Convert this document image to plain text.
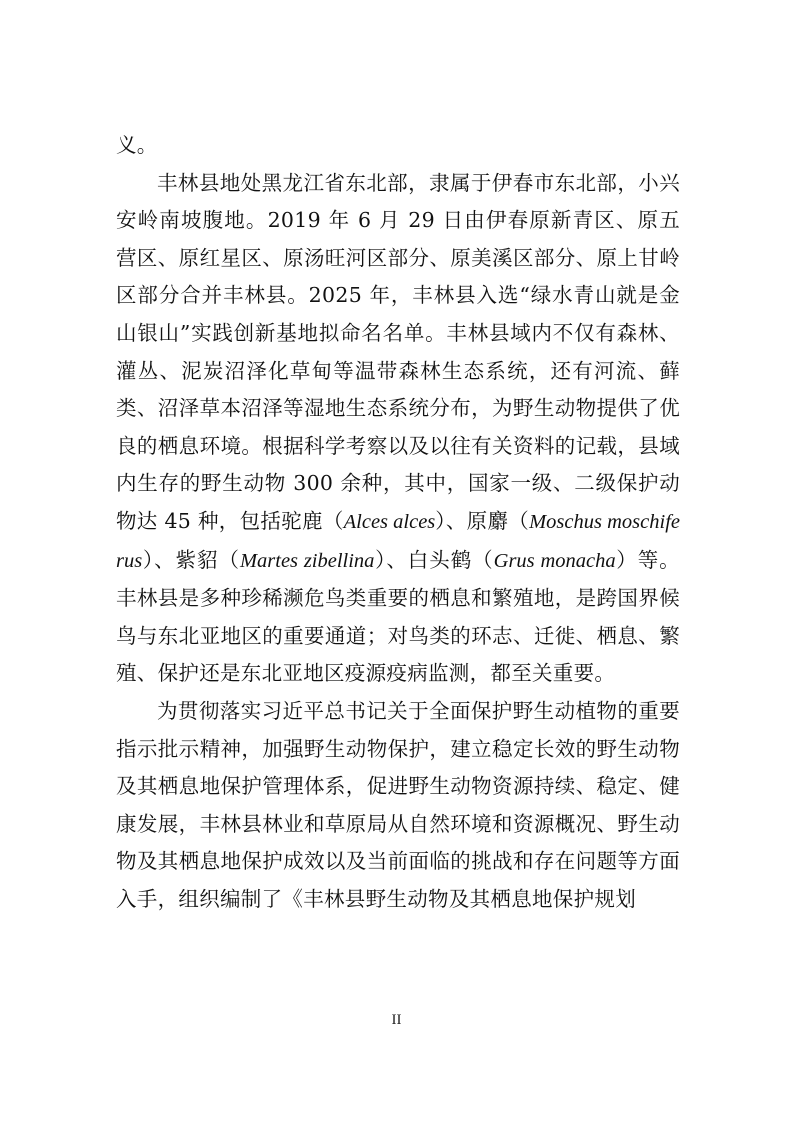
义。

丰林县地处黑龙江省东北部，隶属于伊春市东北部，小兴安岭南坡腹地。2019 年 6 月 29 日由伊春原新青区、原五营区、原红星区、原汤旺河区部分、原美溪区部分、原上甘岭区部分合并丰林县。2025 年，丰林县入选“绿水青山就是金山银山”实践创新基地拟命名名单。丰林县域内不仅有森林、灌丛、泥炭沼泽化草甸等温带森林生态系统，还有河流、藓类、沼泽草本沼泽等湿地生态系统分布，为野生动物提供了优良的栖息环境。根据科学考察以及以往有关资料的记载，县域内生存的野生动物 300 余种，其中，国家一级、二级保护动物达 45 种，包括驼鹿（Alces alces）、原麝（Moschus moschiferus）、紫貂（Martes zibellina）、白头鹤（Grus monacha）等。丰林县是多种珍稀濒危鸟类重要的栖息和繁殖地，是跨国界候鸟与东北亚地区的重要通道；对鸟类的环志、迁徙、栖息、繁殖、保护还是东北亚地区疫源疫病监测，都至关重要。

为贯彻落实习近平总书记关于全面保护野生动植物的重要指示批示精神，加强野生动物保护，建立稳定长效的野生动物及其栖息地保护管理体系，促进野生动物资源持续、稳定、健康发展，丰林县林业和草原局从自然环境和资源概况、野生动物及其栖息地保护成效以及当前面临的挑战和存在问题等方面入手，组织编制了《丰林县野生动物及其栖息地保护规划

II
